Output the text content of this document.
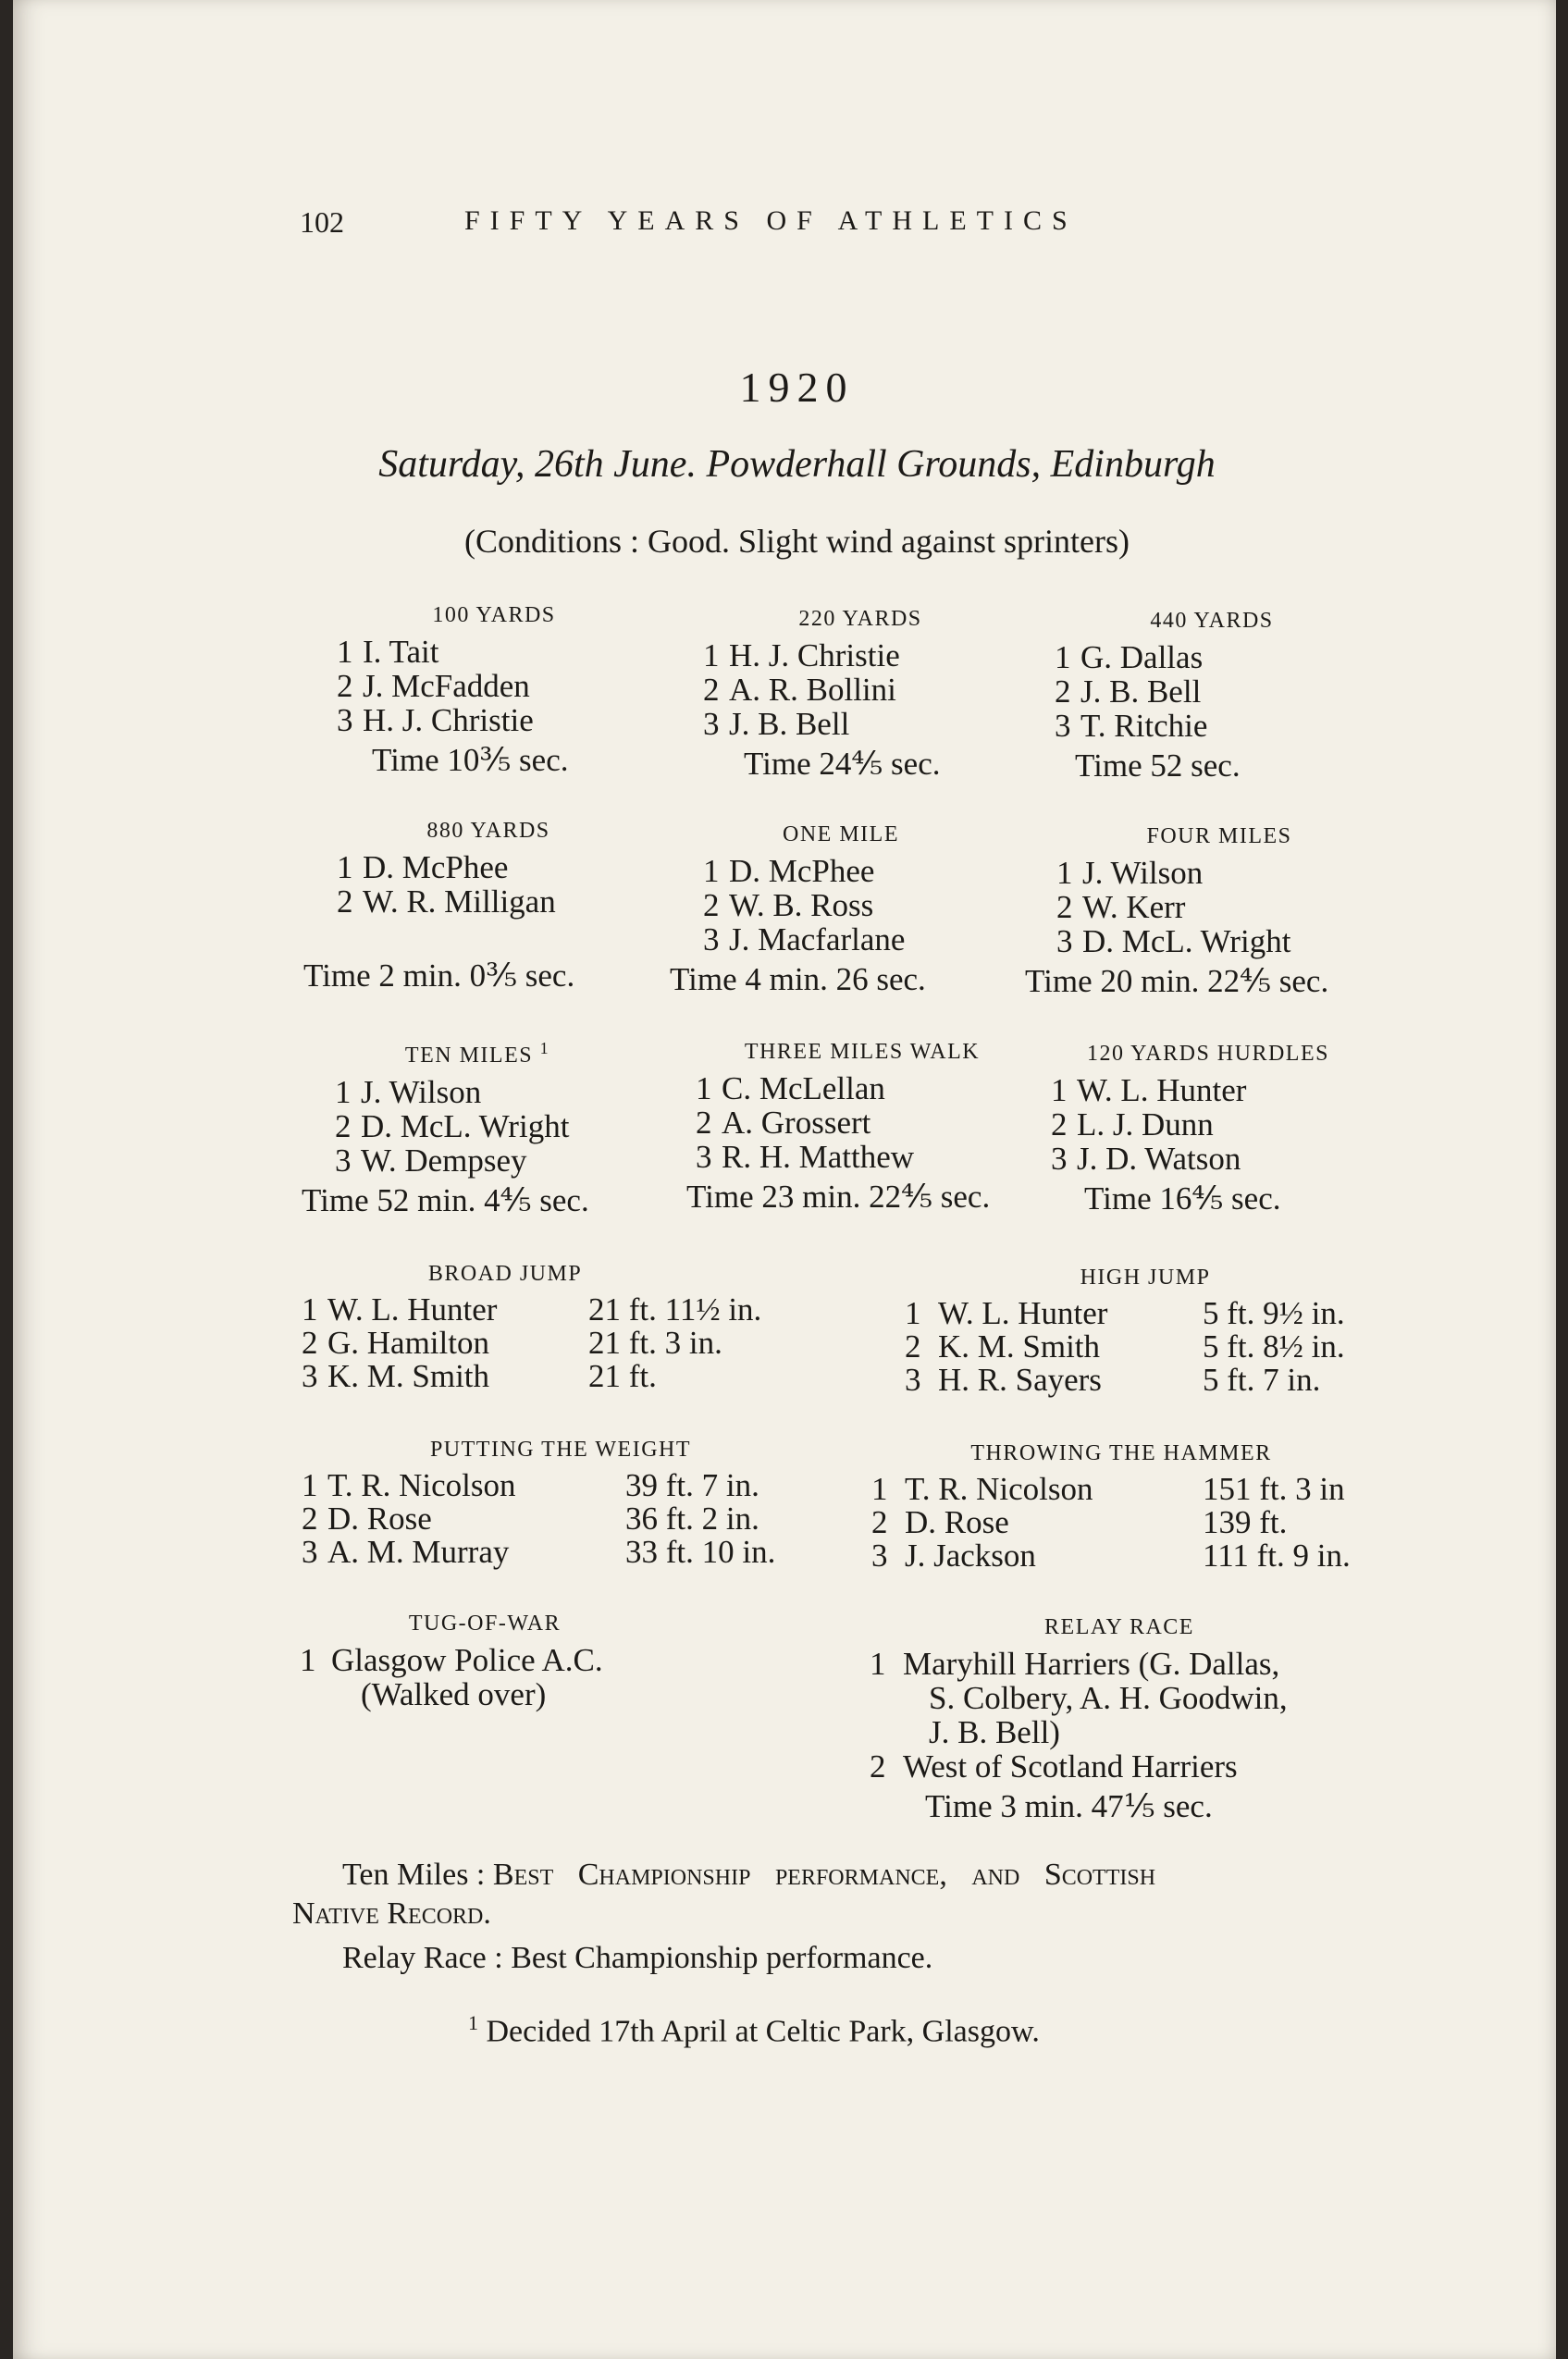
102	FIFTY YEARS OF ATHLETICS
1920
Saturday, 26th June. Powderhall Grounds, Edinburgh
(Conditions : Good. Slight wind against sprinters)
100 YARDS
1 I. Tait
2 J. McFadden
3 H. J. Christie
Time 10⅗ sec.
220 YARDS
1 H. J. Christie
2 A. R. Bollini
3 J. B. Bell
Time 24⅘ sec.
440 YARDS
1 G. Dallas
2 J. B. Bell
3 T. Ritchie
Time 52 sec.
880 YARDS
1 D. McPhee
2 W. R. Milligan
Time 2 min. 0⅗ sec.
ONE MILE
1 D. McPhee
2 W. B. Ross
3 J. Macfarlane
Time 4 min. 26 sec.
FOUR MILES
1 J. Wilson
2 W. Kerr
3 D. McL. Wright
Time 20 min. 22⅘ sec.
TEN MILES $^1$
1 J. Wilson
2 D. McL. Wright
3 W. Dempsey
Time 52 min. 4⅘ sec.
THREE MILES WALK
1 C. McLellan
2 A. Grossert
3 R. H. Matthew
Time 23 min. 22⅘ sec.
120 YARDS HURDLES
1 W. L. Hunter
2 L. J. Dunn
3 J. D. Watson
Time 16⅘ sec.
BROAD JUMP
1	W. L. Hunter	21 ft. 11½ in.
2	G. Hamilton	21 ft. 3 in.
3	K. M. Smith	21 ft.
HIGH JUMP
1	W. L. Hunter	5 ft. 9½ in.
2	K. M. Smith	5 ft. 8½ in.
3	H. R. Sayers	5 ft. 7 in.
PUTTING THE WEIGHT
1	T. R. Nicolson	39 ft. 7 in.
2	D. Rose	36 ft. 2 in.
3	A. M. Murray	33 ft. 10 in.
THROWING THE HAMMER
1	T. R. Nicolson	151 ft. 3 in
2	D. Rose	139 ft.
3	J. Jackson	111 ft. 9 in.
TUG-OF-WAR
1 Glasgow Police A.C.
(Walked over)
RELAY RACE
1 Maryhill Harriers (G. Dallas,
S. Colbery, A. H. Goodwin,
J. B. Bell)
2 West of Scotland Harriers
Time 3 min. 47⅕ sec.
Ten Miles : Best Championship performance, and Scottish
Native Record.
Relay Race : Best Championship performance.
$^1$ Decided 17th April at Celtic Park, Glasgow.
